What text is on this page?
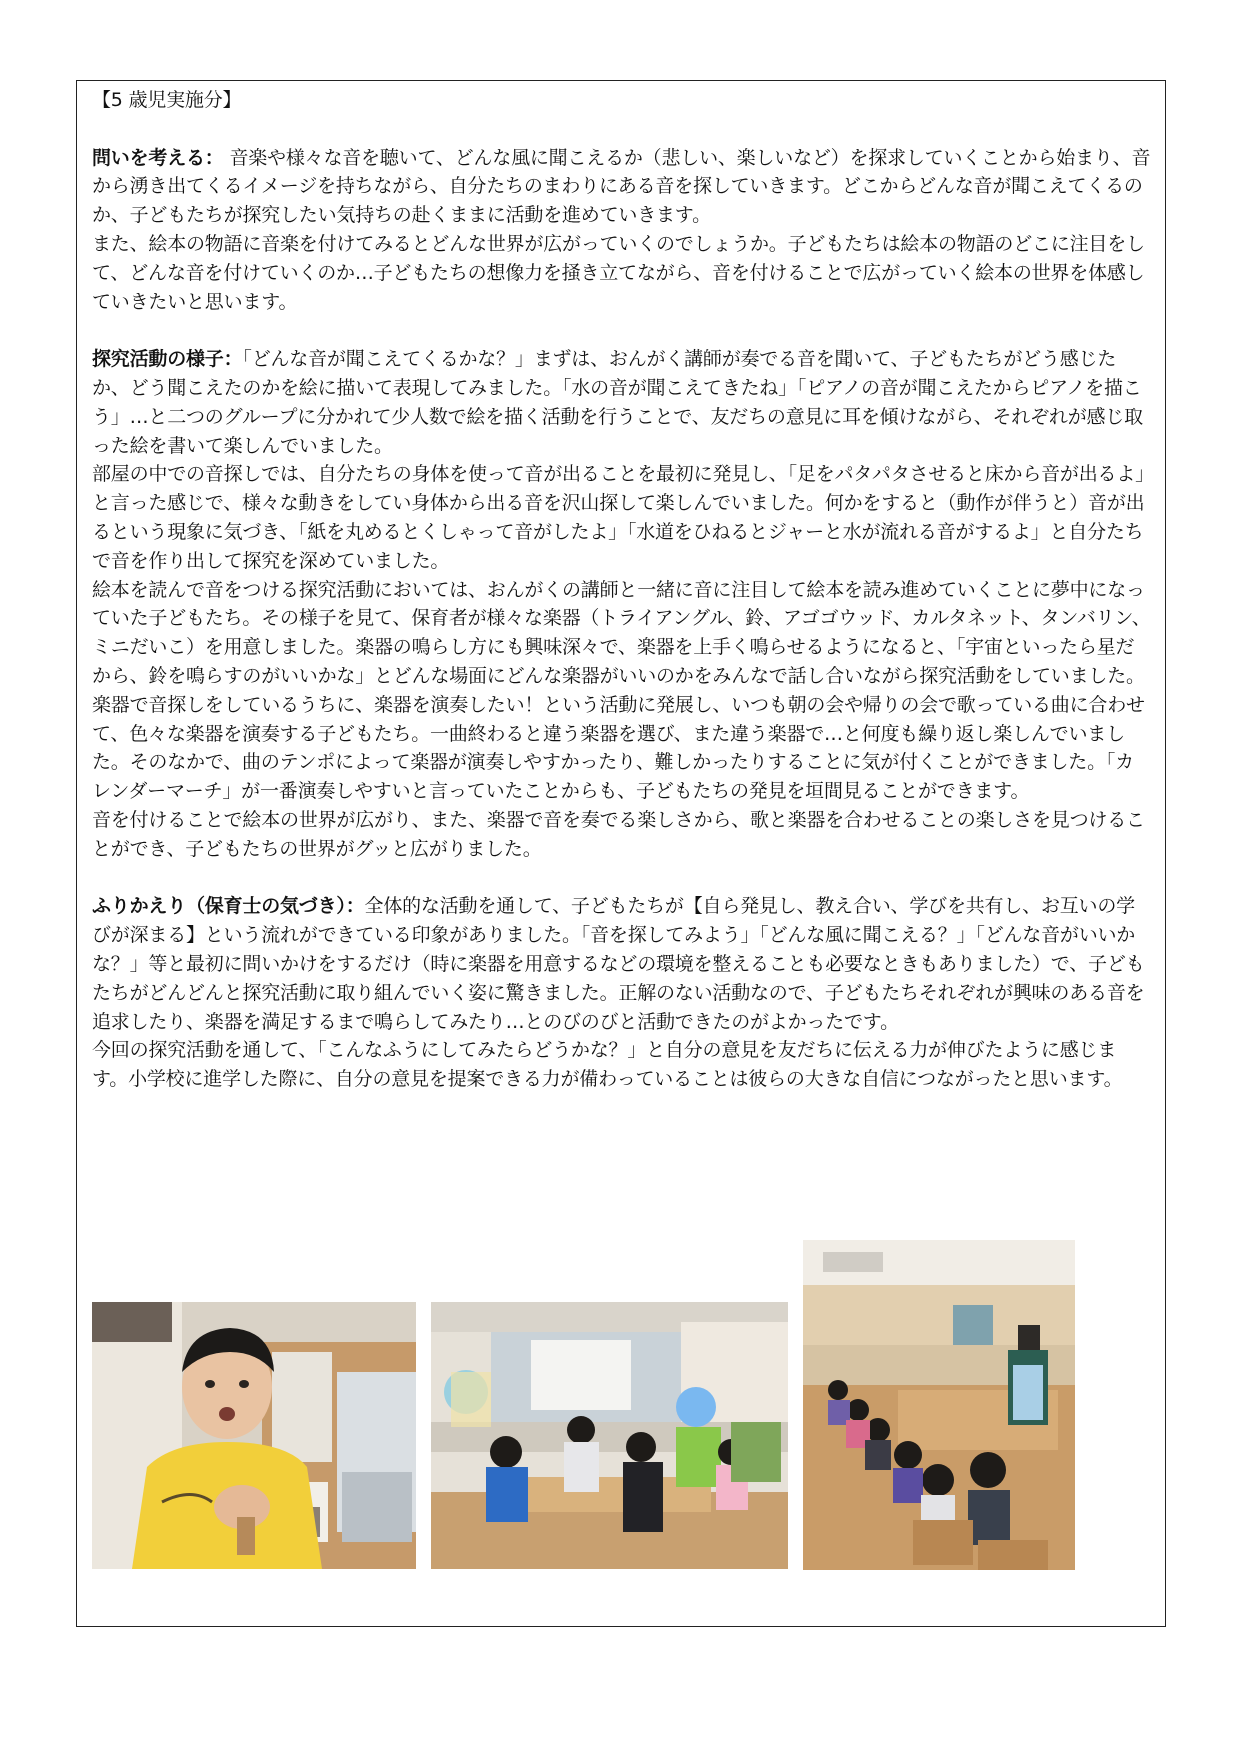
【5 歳児実施分】

問いを考える： 音楽や様々な音を聴いて、どんな風に聞こえるか（悲しい、楽しいなど）を探求していくことから始まり、音から湧き出てくるイメージを持ちながら、自分たちのまわりにある音を探していきます。どこからどんな音が聞こえてくるのか、子どもたちが探究したい気持ちの赴くままに活動を進めていきます。

また、絵本の物語に音楽を付けてみるとどんな世界が広がっていくのでしょうか。子どもたちは絵本の物語のどこに注目をして、どんな音を付けていくのか…子どもたちの想像力を掻き立てながら、音を付けることで広がっていく絵本の世界を体感していきたいと思います。

探究活動の様子：「どんな音が聞こえてくるかな？」まずは、おんがく講師が奏でる音を聞いて、子どもたちがどう感じたか、どう聞こえたのかを絵に描いて表現してみました。「水の音が聞こえてきたね」「ピアノの音が聞こえたからピアノを描こう」…と二つのグループに分かれて少人数で絵を描く活動を行うことで、友だちの意見に耳を傾けながら、それぞれが感じ取った絵を書いて楽しんでいました。

部屋の中での音探しでは、自分たちの身体を使って音が出ることを最初に発見し、「足をパタパタさせると床から音が出るよ」と言った感じで、様々な動きをしてい身体から出る音を沢山探して楽しんでいました。何かをすると（動作が伴うと）音が出るという現象に気づき、「紙を丸めるとくしゃって音がしたよ」「水道をひねるとジャーと水が流れる音がするよ」と自分たちで音を作り出して探究を深めていました。

絵本を読んで音をつける探究活動においては、おんがくの講師と一緒に音に注目して絵本を読み進めていくことに夢中になっていた子どもたち。その様子を見て、保育者が様々な楽器（トライアングル、鈴、アゴゴウッド、カルタネット、タンバリン、ミニだいこ）を用意しました。楽器の鳴らし方にも興味深々で、楽器を上手く鳴らせるようになると、「宇宙といったら星だから、鈴を鳴らすのがいいかな」とどんな場面にどんな楽器がいいのかをみんなで話し合いながら探究活動をしていました。

楽器で音探しをしているうちに、楽器を演奏したい！という活動に発展し、いつも朝の会や帰りの会で歌っている曲に合わせて、色々な楽器を演奏する子どもたち。一曲終わると違う楽器を選び、また違う楽器で…と何度も繰り返し楽しんでいました。そのなかで、曲のテンポによって楽器が演奏しやすかったり、難しかったりすることに気が付くことができました。「カレンダーマーチ」が一番演奏しやすいと言っていたことからも、子どもたちの発見を垣間見ることができます。

音を付けることで絵本の世界が広がり、また、楽器で音を奏でる楽しさから、歌と楽器を合わせることの楽しさを見つけることができ、子どもたちの世界がグッと広がりました。

ふりかえり（保育士の気づき）：全体的な活動を通して、子どもたちが【自ら発見し、教え合い、学びを共有し、お互いの学びが深まる】という流れができている印象がありました。「音を探してみよう」「どんな風に聞こえる？」「どんな音がいいかな？」等と最初に問いかけをするだけ（時に楽器を用意するなどの環境を整えることも必要なときもありました）で、子どもたちがどんどんと探究活動に取り組んでいく姿に驚きました。正解のない活動なので、子どもたちそれぞれが興味のある音を追求したり、楽器を満足するまで鳴らしてみたり…とのびのびと活動できたのがよかったです。

今回の探究活動を通して、「こんなふうにしてみたらどうかな？」と自分の意見を友だちに伝える力が伸びたように感じます。小学校に進学した際に、自分の意見を提案できる力が備わっていることは彼らの大きな自信につながったと思います。
